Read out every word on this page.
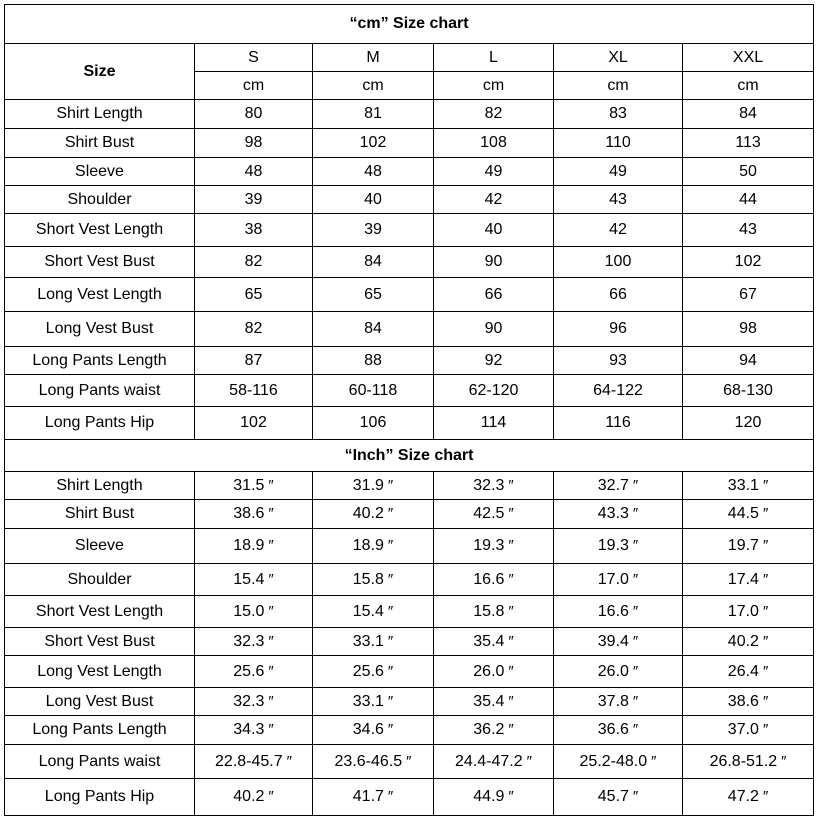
“cm” Size chart					
Size	S	M	L	XL	XXL
	cm	cm	cm	cm	cm
Shirt Length	80	81	82	83	84
Shirt Bust	98	102	108	110	113
Sleeve	48	48	49	49	50
Shoulder	39	40	42	43	44
Short Vest Length	38	39	40	42	43
Short Vest Bust	82	84	90	100	102
Long Vest Length	65	65	66	66	67
Long Vest Bust	82	84	90	96	98
Long Pants Length	87	88	92	93	94
Long Pants waist	58-116	60-118	62-120	64-122	68-130
Long Pants Hip	102	106	114	116	120
“Inch” Size chart					
Shirt Length	31.5 ″	31.9 ″	32.3 ″	32.7 ″	33.1 ″
Shirt Bust	38.6 ″	40.2 ″	42.5 ″	43.3 ″	44.5 ″
Sleeve	18.9 ″	18.9 ″	19.3 ″	19.3 ″	19.7 ″
Shoulder	15.4 ″	15.8 ″	16.6 ″	17.0 ″	17.4 ″
Short Vest Length	15.0 ″	15.4 ″	15.8 ″	16.6 ″	17.0 ″
Short Vest Bust	32.3 ″	33.1 ″	35.4 ″	39.4 ″	40.2 ″
Long Vest Length	25.6 ″	25.6 ″	26.0 ″	26.0 ″	26.4 ″
Long Vest Bust	32.3 ″	33.1 ″	35.4 ″	37.8 ″	38.6 ″
Long Pants Length	34.3 ″	34.6 ″	36.2 ″	36.6 ″	37.0 ″
Long Pants waist	22.8-45.7 ″	23.6-46.5 ″	24.4-47.2 ″	25.2-48.0 ″	26.8-51.2 ″
Long Pants Hip	40.2 ″	41.7 ″	44.9 ″	45.7 ″	47.2 ″
